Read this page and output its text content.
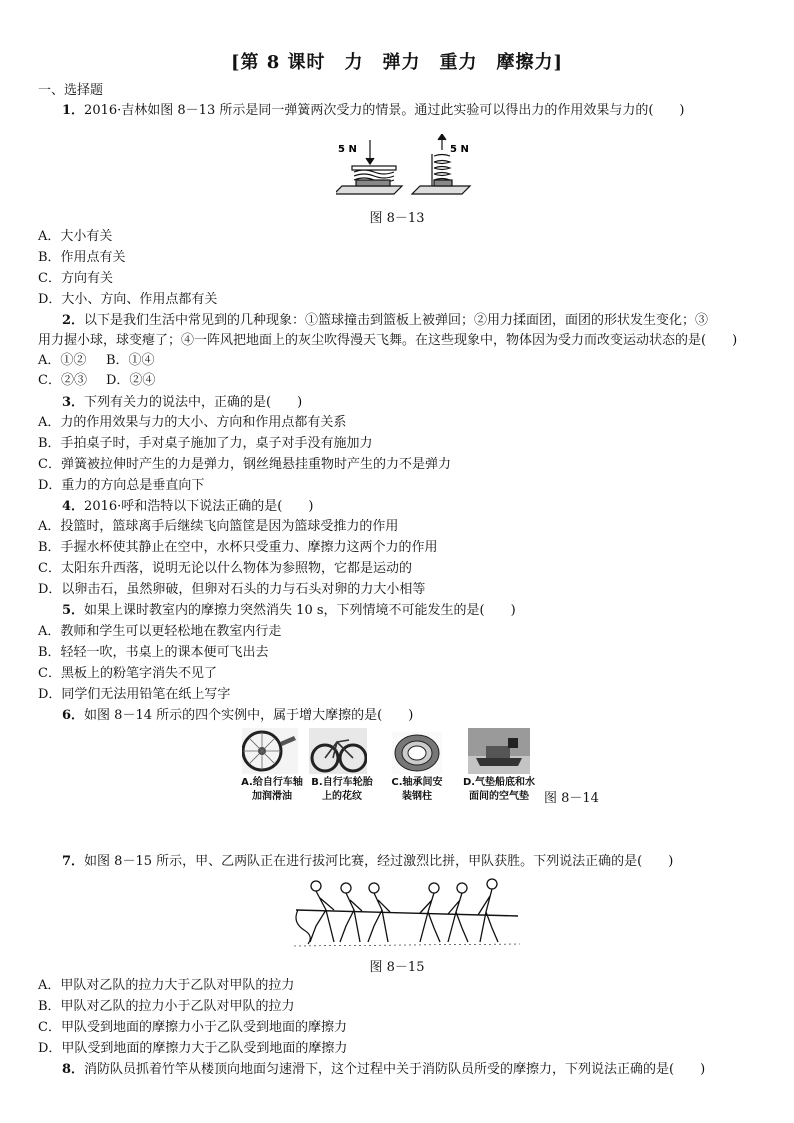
[第 8 课时　力　弹力　重力　摩擦力]
一、选择题
1．2016·吉林如图 8－13 所示是同一弹簧两次受力的情景。通过此实验可以得出力的作用效果与力的(　　)
5 N	5 N
图 8－13
A．大小有关
B．作用点有关
C．方向有关
D．大小、方向、作用点都有关
2．以下是我们生活中常见到的几种现象：①篮球撞击到篮板上被弹回；②用力揉面团，面团的形状发生变化；③
用力握小球，球变瘪了；④一阵风把地面上的灰尘吹得漫天飞舞。在这些现象中，物体因为受力而改变运动状态的是(　　)
A．①② B．①④
C．②③ D．②④
3．下列有关力的说法中，正确的是(　　)
A．力的作用效果与力的大小、方向和作用点都有关系
B．手拍桌子时，手对桌子施加了力，桌子对手没有施加力
C．弹簧被拉伸时产生的力是弹力，钢丝绳悬挂重物时产生的力不是弹力
D．重力的方向总是垂直向下
4．2016·呼和浩特以下说法正确的是(　　)
A．投篮时，篮球离手后继续飞向篮筐是因为篮球受推力的作用
B．手握水杯使其静止在空中，水杯只受重力、摩擦力这两个力的作用
C．太阳东升西落，说明无论以什么物体为参照物，它都是运动的
D．以卵击石，虽然卵破，但卵对石头的力与石头对卵的力大小相等
5．如果上课时教室内的摩擦力突然消失 10 s，下列情境不可能发生的是(　　)
A．教师和学生可以更轻松地在教室内行走
B．轻轻一吹，书桌上的课本便可飞出去
C．黑板上的粉笔字消失不见了
D．同学们无法用铅笔在纸上写字
6．如图 8－14 所示的四个实例中，属于增大摩擦的是(　　)
A.给自行车轴
加润滑油
B.自行车轮胎
上的花纹
C.轴承间安
装钢柱
D.气垫船底和水
面间的空气垫	图 8－14
7．如图 8－15 所示，甲、乙两队正在进行拔河比赛，经过激烈比拼，甲队获胜。下列说法正确的是(　　)
图 8－15
A．甲队对乙队的拉力大于乙队对甲队的拉力
B．甲队对乙队的拉力小于乙队对甲队的拉力
C．甲队受到地面的摩擦力小于乙队受到地面的摩擦力
D．甲队受到地面的摩擦力大于乙队受到地面的摩擦力
8．消防队员抓着竹竿从楼顶向地面匀速滑下，这个过程中关于消防队员所受的摩擦力，下列说法正确的是(　　)
